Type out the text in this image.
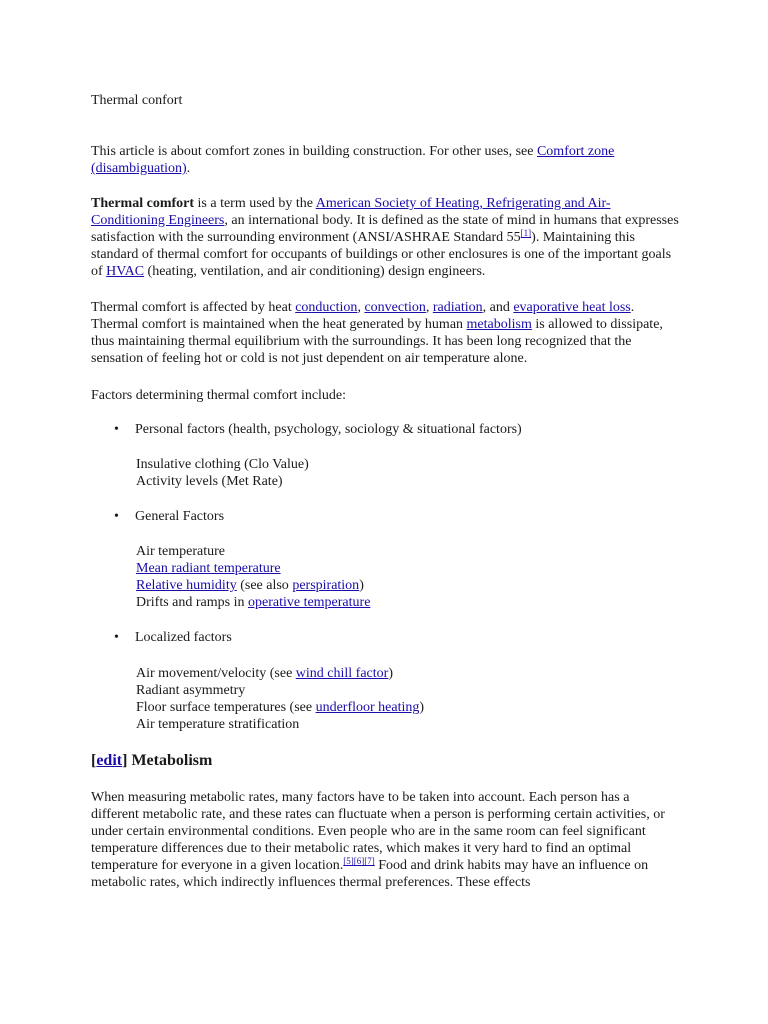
Thermal confort

This article is about comfort zones in building construction. For other uses, see Comfort zone (disambiguation).

Thermal comfort is a term used by the American Society of Heating, Refrigerating and Air-Conditioning Engineers, an international body. It is defined as the state of mind in humans that expresses satisfaction with the surrounding environment (ANSI/ASHRAE Standard 55[1]). Maintaining this standard of thermal comfort for occupants of buildings or other enclosures is one of the important goals of HVAC (heating, ventilation, and air conditioning) design engineers.

Thermal comfort is affected by heat conduction, convection, radiation, and evaporative heat loss. Thermal comfort is maintained when the heat generated by human metabolism is allowed to dissipate, thus maintaining thermal equilibrium with the surroundings. It has been long recognized that the sensation of feeling hot or cold is not just dependent on air temperature alone.

Factors determining thermal comfort include:

• Personal factors (health, psychology, sociology & situational factors)
Insulative clothing (Clo Value)
Activity levels (Met Rate)
• General Factors
Air temperature
Mean radiant temperature
Relative humidity (see also perspiration)
Drifts and ramps in operative temperature
• Localized factors
Air movement/velocity (see wind chill factor)
Radiant asymmetry
Floor surface temperatures (see underfloor heating)
Air temperature stratification
[edit] Metabolism

When measuring metabolic rates, many factors have to be taken into account. Each person has a different metabolic rate, and these rates can fluctuate when a person is performing certain activities, or under certain environmental conditions. Even people who are in the same room can feel significant temperature differences due to their metabolic rates, which makes it very hard to find an optimal temperature for everyone in a given location.[5][6][7] Food and drink habits may have an influence on metabolic rates, which indirectly influences thermal preferences. These effects
